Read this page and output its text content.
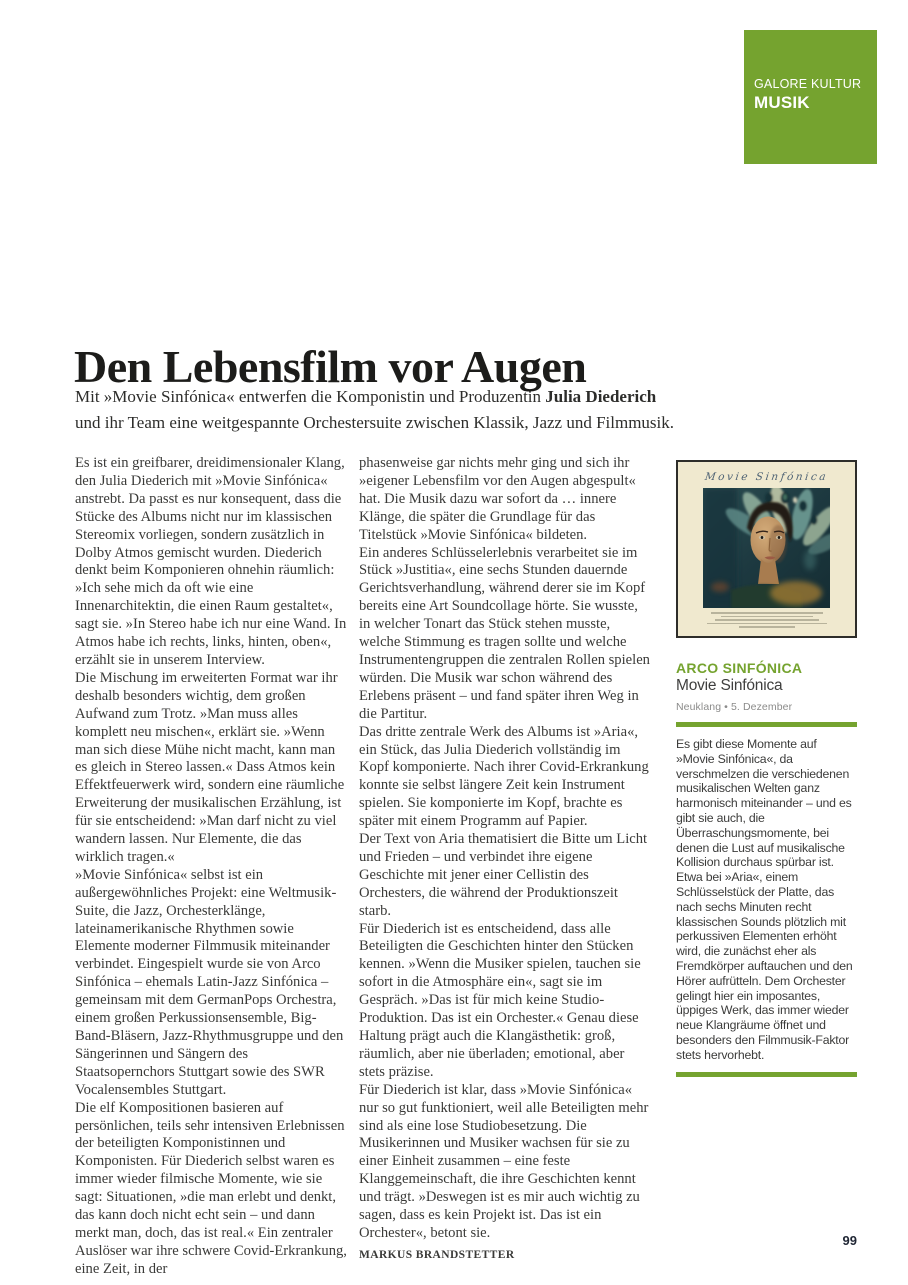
GALORE KULTUR
MUSIK
Den Lebensfilm vor Augen
Mit »Movie Sinfónica« entwerfen die Komponistin und Produzentin Julia Diederich
und ihr Team eine weitgespannte Orchestersuite zwischen Klassik, Jazz und Filmmusik.

Es ist ein greifbarer, dreidimensionaler Klang, den Julia Diederich mit »Movie Sinfónica« anstrebt. Da passt es nur konsequent, dass die Stücke des Albums nicht nur im klassischen Stereomix vorliegen, sondern zusätzlich in Dolby Atmos gemischt wurden. Diederich denkt beim Komponieren ohnehin räumlich: »Ich sehe mich da oft wie eine Innenarchitektin, die einen Raum gestaltet«, sagt sie. »In Stereo habe ich nur eine Wand. In Atmos habe ich rechts, links, hinten, oben«, erzählt sie in unserem Interview.

Die Mischung im erweiterten Format war ihr deshalb besonders wichtig, dem großen Aufwand zum Trotz. »Man muss alles komplett neu mischen«, erklärt sie. »Wenn man sich diese Mühe nicht macht, kann man es gleich in Stereo lassen.« Dass Atmos kein Effektfeuerwerk wird, sondern eine räumliche Erweiterung der musikalischen Erzählung, ist für sie entscheidend: »Man darf nicht zu viel wandern lassen. Nur Elemente, die das wirklich tragen.«

»Movie Sinfónica« selbst ist ein außergewöhnliches Projekt: eine Weltmusik-Suite, die Jazz, Orchesterklänge, lateinamerikanische Rhythmen sowie Elemente moderner Filmmusik miteinander verbindet. Eingespielt wurde sie von Arco Sinfónica – ehemals Latin-Jazz Sinfónica – gemeinsam mit dem GermanPops Orchestra, einem großen Perkussionsensemble, Big-Band-Bläsern, Jazz-Rhythmusgruppe und den Sängerinnen und Sängern des Staatsopernchors Stuttgart sowie des SWR Vocalensembles Stuttgart.

Die elf Kompositionen basieren auf persönlichen, teils sehr intensiven Erlebnissen der beteiligten Komponistinnen und Komponisten. Für Diederich selbst waren es immer wieder filmische Momente, wie sie sagt: Situationen, »die man erlebt und denkt, das kann doch nicht echt sein – und dann merkt man, doch, das ist real.« Ein zentraler Auslöser war ihre schwere Covid-Erkrankung, eine Zeit, in der

phasenweise gar nichts mehr ging und sich ihr »eigener Lebensfilm vor den Augen abgespult« hat. Die Musik dazu war sofort da … innere Klänge, die später die Grundlage für das Titelstück »Movie Sinfónica« bildeten.

Ein anderes Schlüsselerlebnis verarbeitet sie im Stück »Justitia«, eine sechs Stunden dauernde Gerichtsverhandlung, während derer sie im Kopf bereits eine Art Soundcollage hörte. Sie wusste, in welcher Tonart das Stück stehen musste, welche Stimmung es tragen sollte und welche Instrumentengruppen die zentralen Rollen spielen würden. Die Musik war schon während des Erlebens präsent – und fand später ihren Weg in die Partitur.

Das dritte zentrale Werk des Albums ist »Aria«, ein Stück, das Julia Diederich vollständig im Kopf komponierte. Nach ihrer Covid-Erkrankung konnte sie selbst längere Zeit kein Instrument spielen. Sie komponierte im Kopf, brachte es später mit einem Programm auf Papier.

Der Text von Aria thematisiert die Bitte um Licht und Frieden – und verbindet ihre eigene Geschichte mit jener einer Cellistin des Orchesters, die während der Produktionszeit starb.

Für Diederich ist es entscheidend, dass alle Beteiligten die Geschichten hinter den Stücken kennen. »Wenn die Musiker spielen, tauchen sie sofort in die Atmosphäre ein«, sagt sie im Gespräch. »Das ist für mich keine Studio-Produktion. Das ist ein Orchester.« Genau diese Haltung prägt auch die Klangästhetik: groß, räumlich, aber nie überladen; emotional, aber stets präzise.

Für Diederich ist klar, dass »Movie Sinfónica« nur so gut funktioniert, weil alle Beteiligten mehr sind als eine lose Studiobesetzung. Die Musikerinnen und Musiker wachsen für sie zu einer Einheit zusammen – eine feste Klanggemeinschaft, die ihre Geschichten kennt und trägt. »Deswegen ist es mir auch wichtig zu sagen, dass es kein Projekt ist. Das ist ein Orchester«, betont sie.

MARKUS BRANDSTETTER
Movie Sinfónica
ARCO SINFÓNICA
Movie Sinfónica
Neuklang • 5. Dezember
Es gibt diese Momente auf »Movie Sinfónica«, da verschmelzen die verschiedenen musikalischen Welten ganz harmonisch miteinander – und es gibt sie auch, die Überraschungsmomente, bei denen die Lust auf musikalische Kollision durchaus spürbar ist. Etwa bei »Aria«, einem Schlüsselstück der Platte, das nach sechs Minuten recht klassischen Sounds plötzlich mit perkussiven Elementen erhöht wird, die zunächst eher als Fremdkörper auftauchen und den Hörer aufrütteln. Dem Orchester gelingt hier ein imposantes, üppiges Werk, das immer wieder neue Klangräume öffnet und besonders den Filmmusik-Faktor stets hervorhebt.
99
